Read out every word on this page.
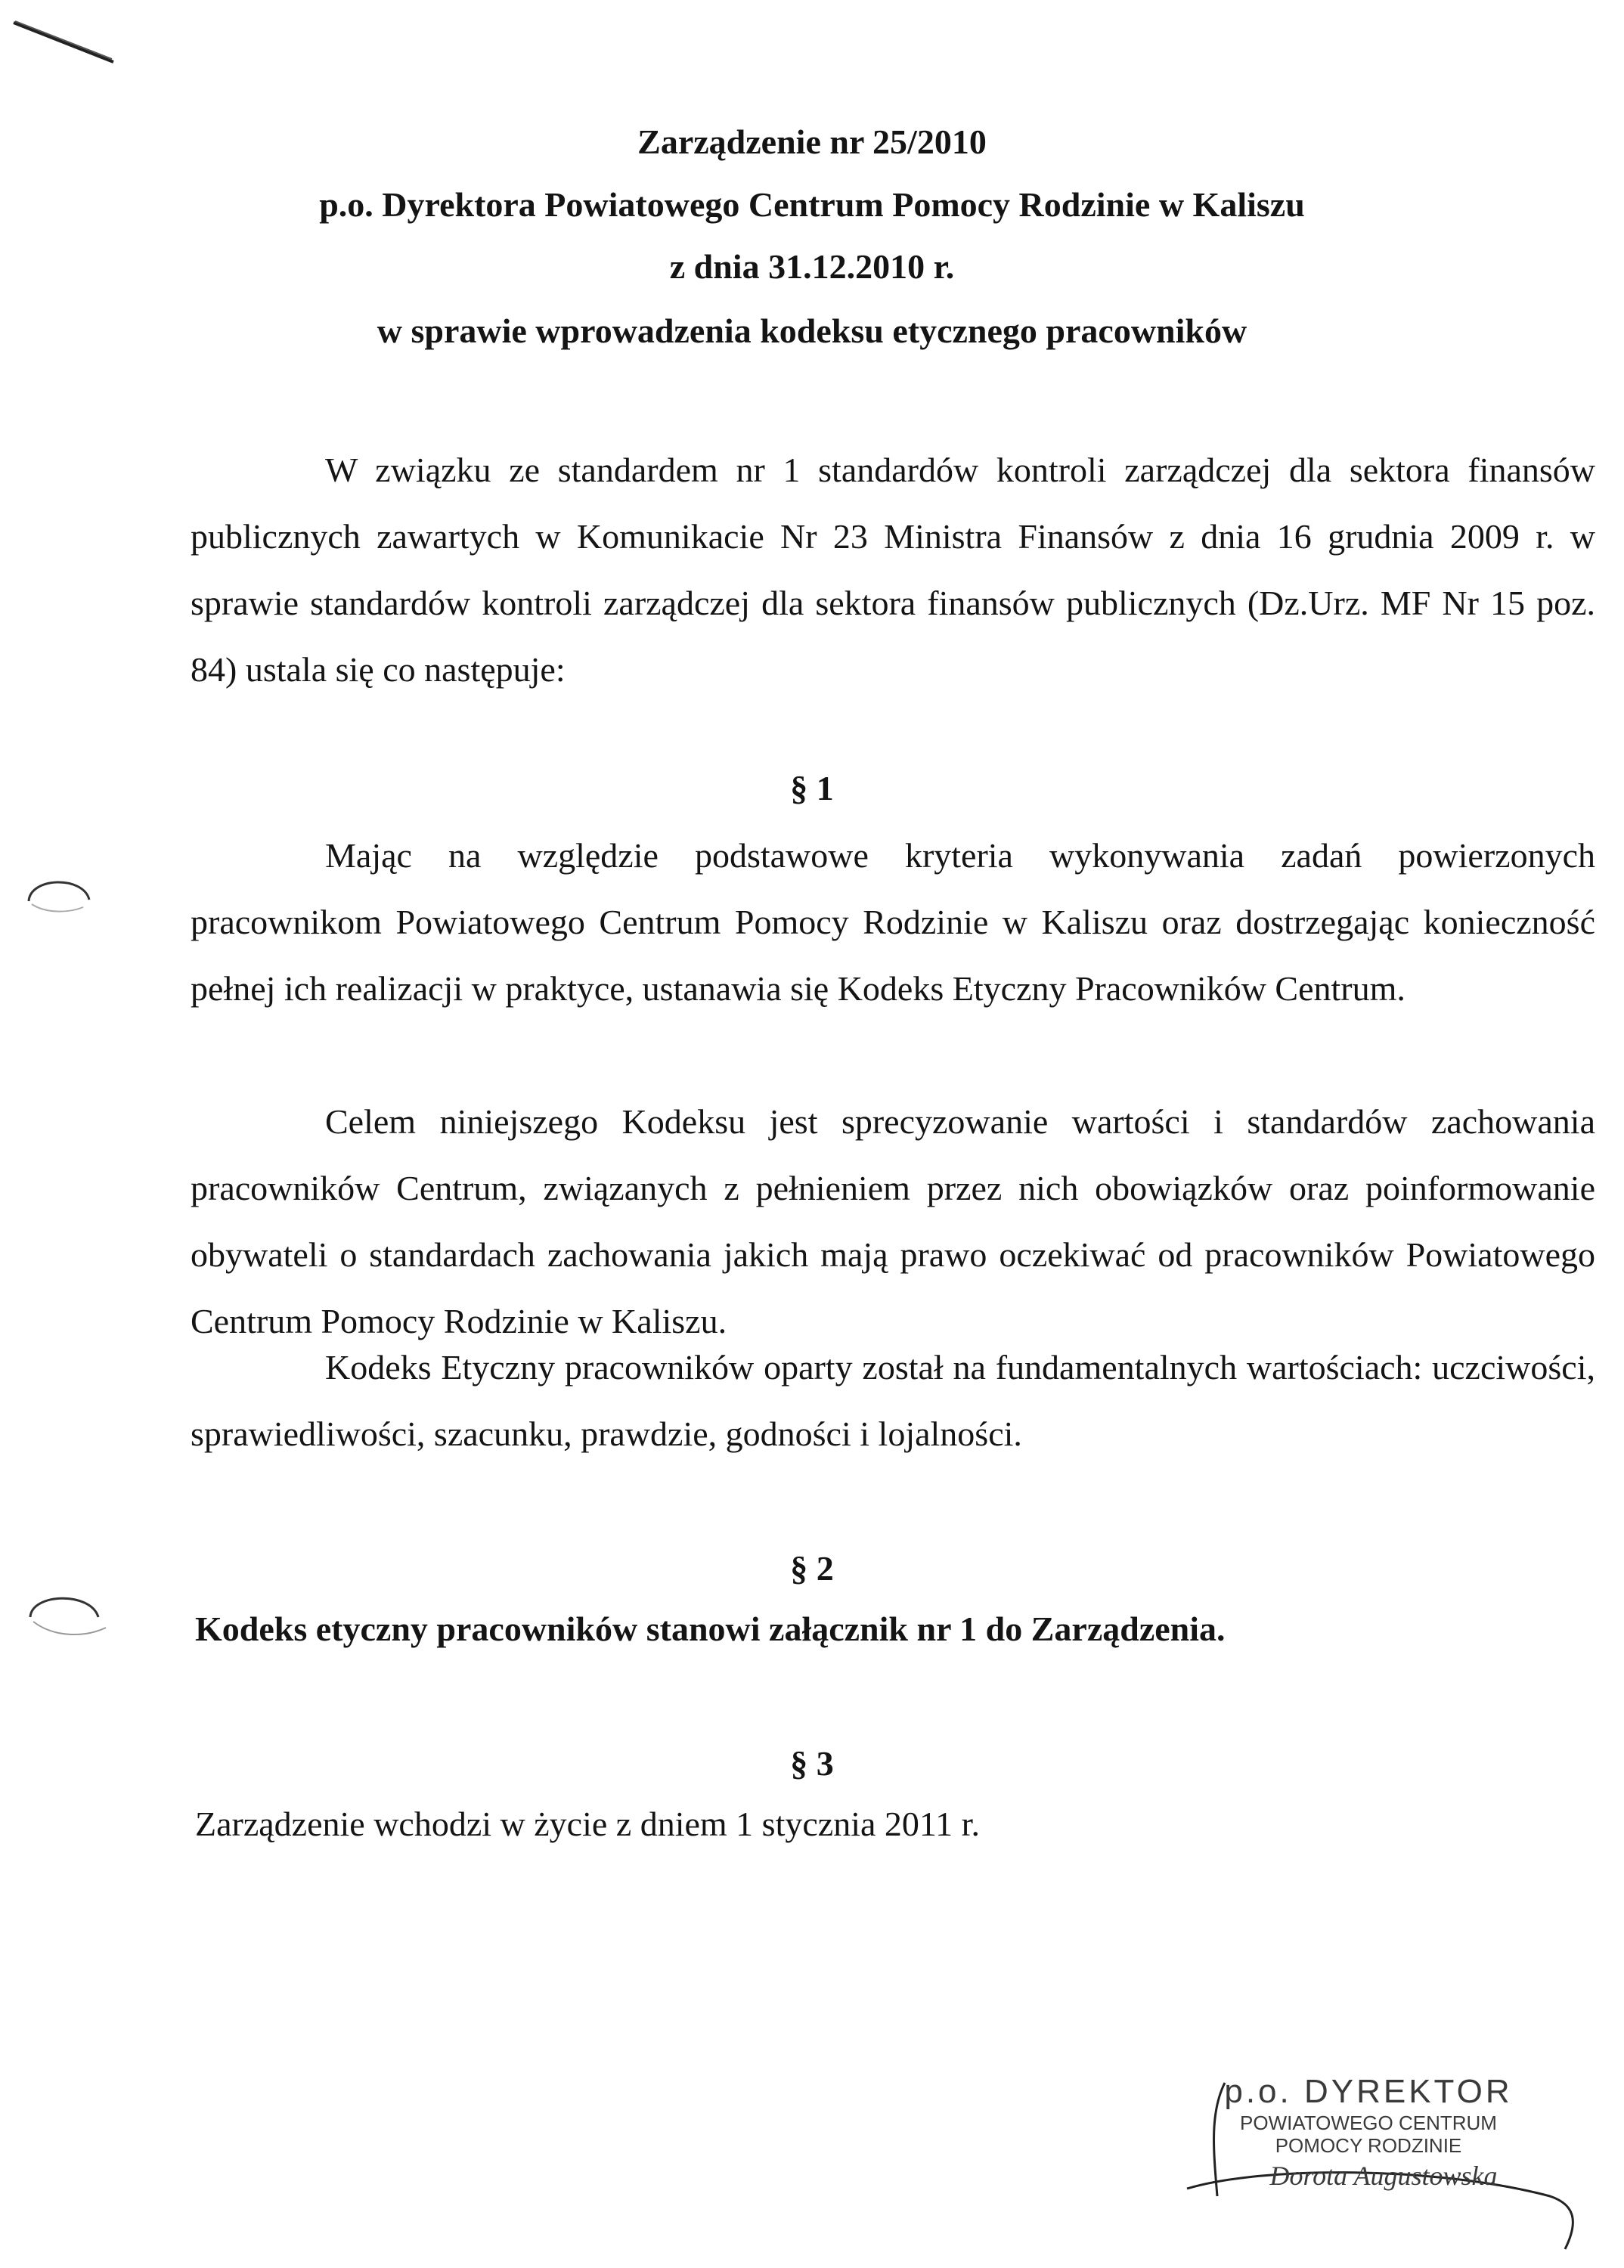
Zarządzenie nr 25/2010
p.o. Dyrektora Powiatowego Centrum Pomocy Rodzinie w Kaliszu
z dnia 31.12.2010 r.
w sprawie wprowadzenia kodeksu etycznego pracowników
W związku ze standardem nr 1 standardów kontroli zarządczej dla sektora finansów publicznych zawartych w Komunikacie Nr 23 Ministra Finansów z dnia 16 grudnia 2009 r. w sprawie standardów kontroli zarządczej dla sektora finansów publicznych (Dz.Urz. MF Nr 15 poz. 84) ustala się co następuje:
§ 1
Mając na względzie podstawowe kryteria wykonywania zadań powierzonych pracownikom Powiatowego Centrum Pomocy Rodzinie w Kaliszu oraz dostrzegając konieczność pełnej ich realizacji w praktyce, ustanawia się Kodeks Etyczny Pracowników Centrum.
Celem niniejszego Kodeksu jest sprecyzowanie wartości i standardów zachowania pracowników Centrum, związanych z pełnieniem przez nich obowiązków oraz poinformowanie obywateli o standardach zachowania jakich mają prawo oczekiwać od pracowników Powiatowego Centrum Pomocy Rodzinie w Kaliszu.
Kodeks Etyczny pracowników oparty został na fundamentalnych wartościach: uczciwości, sprawiedliwości, szacunku, prawdzie, godności i lojalności.
§ 2
Kodeks etyczny pracowników stanowi załącznik nr 1 do Zarządzenia.
§ 3
Zarządzenie wchodzi w życie z dniem 1 stycznia 2011 r.
p.o. DYREKTOR
POWIATOWEGO CENTRUM
POMOCY RODZINIE
Dorota Augustowska
